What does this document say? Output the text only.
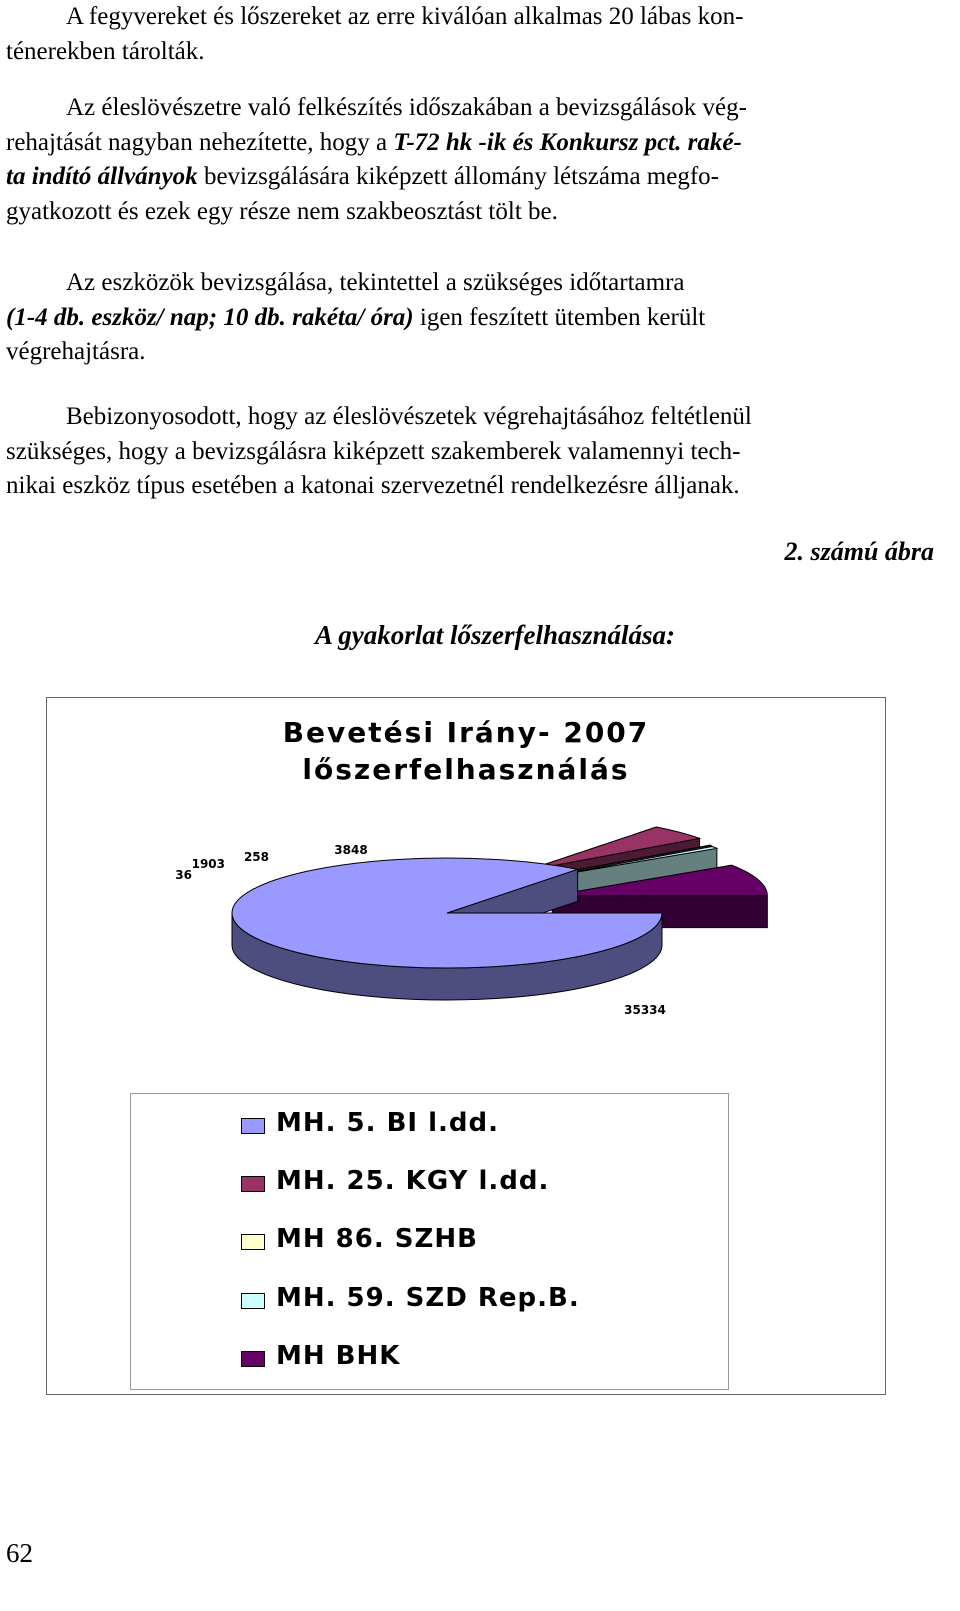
A fegyvereket és lőszereket az erre kiválóan alkalmas 20 lábas kon-
ténerekben tárolták.
Az éleslövészetre való felkészítés időszakában a bevizsgálások vég-
rehajtását nagyban nehezítette, hogy a T-72 hk -ik és Konkursz pct. raké-
ta indító állványok bevizsgálására kiképzett állomány létszáma megfo-
gyatkozott és ezek egy része nem szakbeosztást tölt be.
Az eszközök bevizsgálása, tekintettel a szükséges időtartamra
(1-4 db. eszköz/ nap; 10 db. rakéta/ óra) igen feszített ütemben került
végrehajtásra.
Bebizonyosodott, hogy az éleslövészetek végrehajtásához feltétlenül
szükséges, hogy a bevizsgálásra kiképzett szakemberek valamennyi tech-
nikai eszköz típus esetében a katonai szervezetnél rendelkezésre álljanak.
2. számú ábra
A gyakorlat lőszerfelhasználása:
Bevetési Irány- 2007
lőszerfelhasználás
35334
1903
36
258	3848
MH. 5. BI l.dd.
MH. 25. KGY l.dd.
MH 86. SZHB
MH. 59. SZD Rep.B.
MH BHK
62
